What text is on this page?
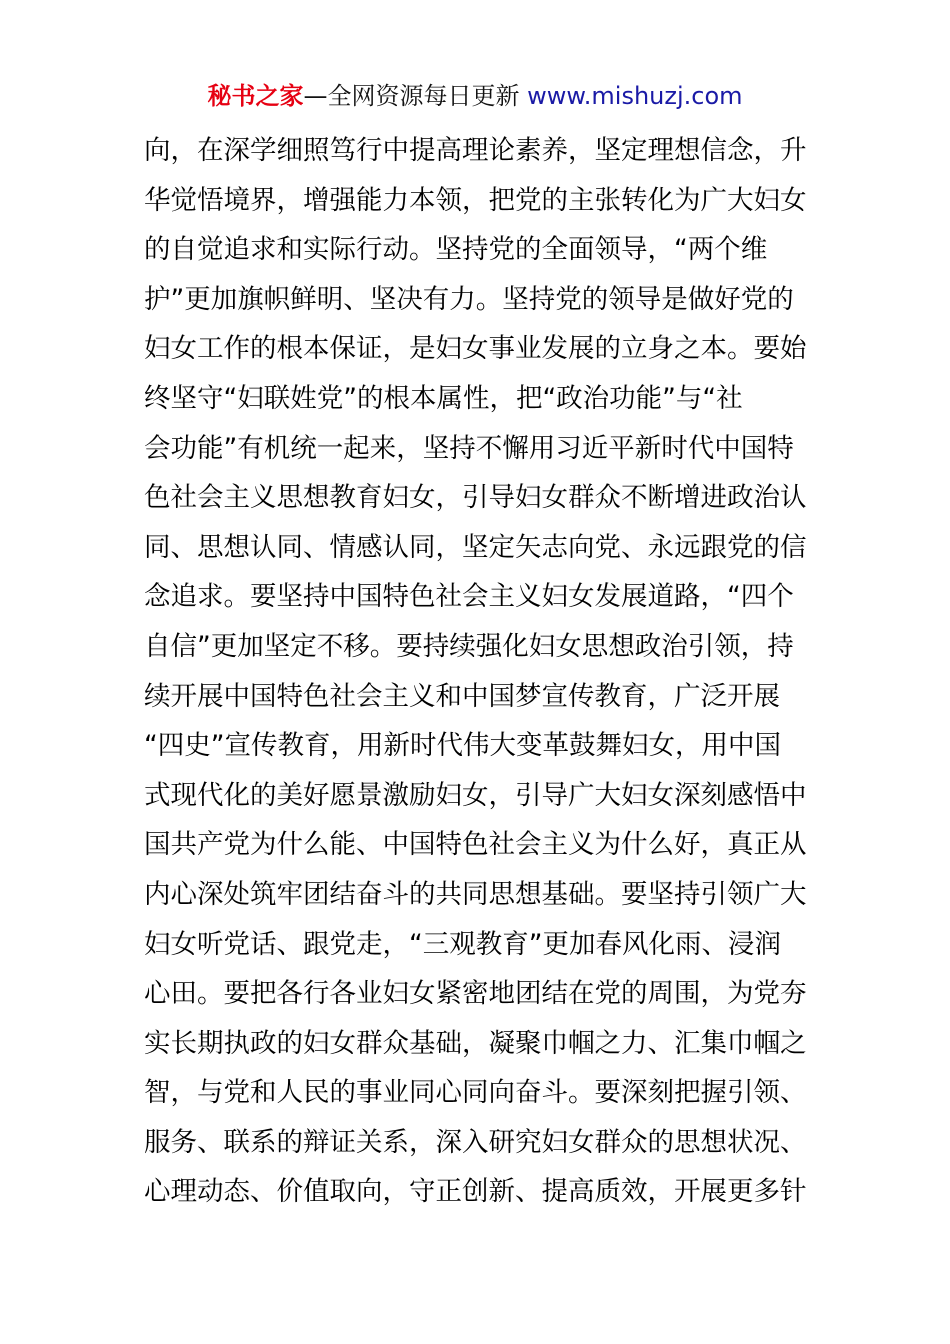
秘书之家—全网资源每日更新 www.mishuzj.com
向，在深学细照笃行中提高理论素养，坚定理想信念，升
华觉悟境界，增强能力本领，把党的主张转化为广大妇女
的自觉追求和实际行动。坚持党的全面领导，“两个维
护”更加旗帜鲜明、坚决有力。坚持党的领导是做好党的
妇女工作的根本保证，是妇女事业发展的立身之本。要始
终坚守“妇联姓党”的根本属性，把“政治功能”与“社
会功能”有机统一起来，坚持不懈用习近平新时代中国特
色社会主义思想教育妇女，引导妇女群众不断增进政治认
同、思想认同、情感认同，坚定矢志向党、永远跟党的信
念追求。要坚持中国特色社会主义妇女发展道路，“四个
自信”更加坚定不移。要持续强化妇女思想政治引领，持
续开展中国特色社会主义和中国梦宣传教育，广泛开展
“四史”宣传教育，用新时代伟大变革鼓舞妇女，用中国
式现代化的美好愿景激励妇女，引导广大妇女深刻感悟中
国共产党为什么能、中国特色社会主义为什么好，真正从
内心深处筑牢团结奋斗的共同思想基础。要坚持引领广大
妇女听党话、跟党走，“三观教育”更加春风化雨、浸润
心田。要把各行各业妇女紧密地团结在党的周围，为党夯
实长期执政的妇女群众基础，凝聚巾帼之力、汇集巾帼之
智，与党和人民的事业同心同向奋斗。要深刻把握引领、
服务、联系的辩证关系，深入研究妇女群众的思想状况、
心理动态、价值取向，守正创新、提高质效，开展更多针
